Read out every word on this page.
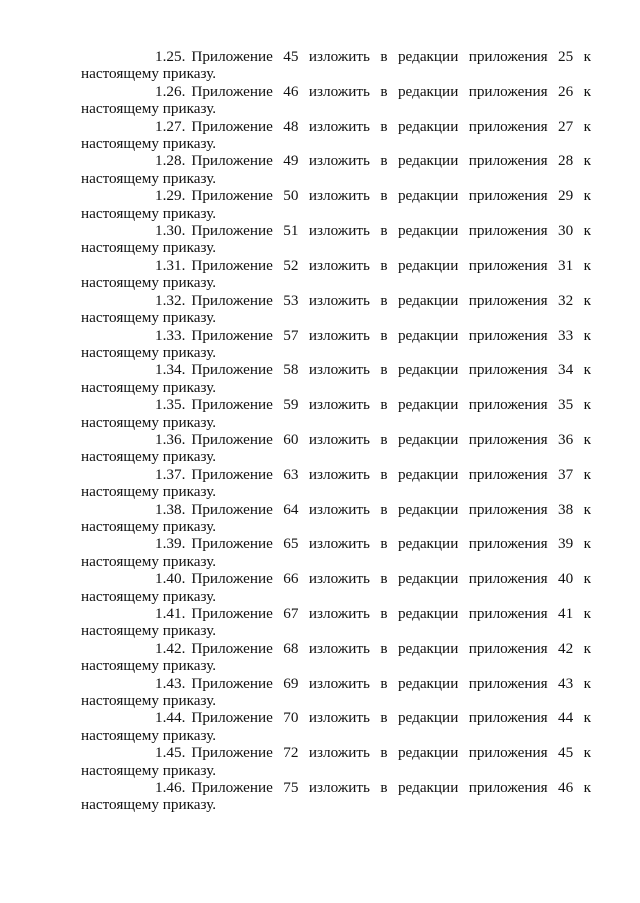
1.25. Приложение 45 изложить в редакции приложения 25 к настоящему приказу.

1.26. Приложение 46 изложить в редакции приложения 26 к настоящему приказу.

1.27. Приложение 48 изложить в редакции приложения 27 к настоящему приказу.

1.28. Приложение 49 изложить в редакции приложения 28 к настоящему приказу.

1.29. Приложение 50 изложить в редакции приложения 29 к настоящему приказу.

1.30. Приложение 51 изложить в редакции приложения 30 к настоящему приказу.

1.31. Приложение 52 изложить в редакции приложения 31 к настоящему приказу.

1.32. Приложение 53 изложить в редакции приложения 32 к настоящему приказу.

1.33. Приложение 57 изложить в редакции приложения 33 к настоящему приказу.

1.34. Приложение 58 изложить в редакции приложения 34 к настоящему приказу.

1.35. Приложение 59 изложить в редакции приложения 35 к настоящему приказу.

1.36. Приложение 60 изложить в редакции приложения 36 к настоящему приказу.

1.37. Приложение 63 изложить в редакции приложения 37 к настоящему приказу.

1.38. Приложение 64 изложить в редакции приложения 38 к настоящему приказу.

1.39. Приложение 65 изложить в редакции приложения 39 к настоящему приказу.

1.40. Приложение 66 изложить в редакции приложения 40 к настоящему приказу.

1.41. Приложение 67 изложить в редакции приложения 41 к настоящему приказу.

1.42. Приложение 68 изложить в редакции приложения 42 к настоящему приказу.

1.43. Приложение 69 изложить в редакции приложения 43 к настоящему приказу.

1.44. Приложение 70 изложить в редакции приложения 44 к настоящему приказу.

1.45. Приложение 72 изложить в редакции приложения 45 к настоящему приказу.

1.46. Приложение 75 изложить в редакции приложения 46 к настоящему приказу.
